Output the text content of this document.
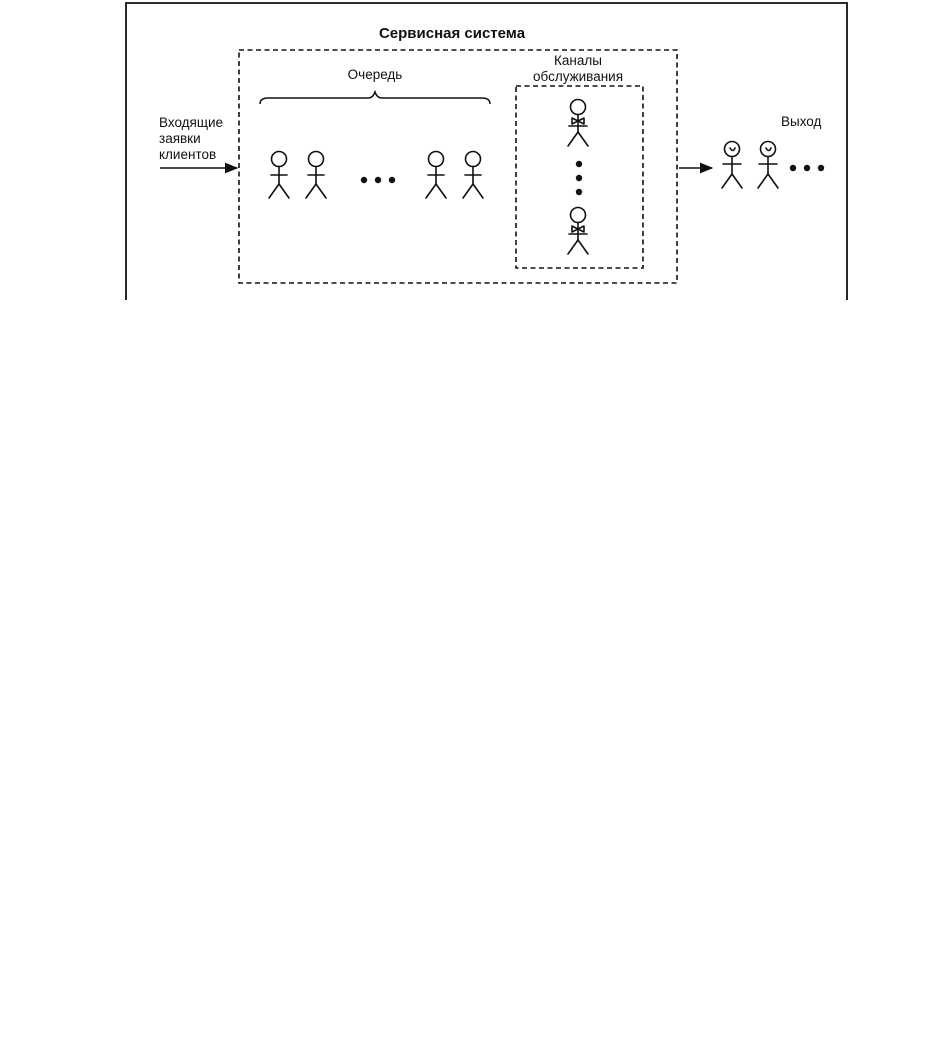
Сервисная система
Очередь
Каналы
обслуживания
Входящие
заявки
клиентов
Выход
